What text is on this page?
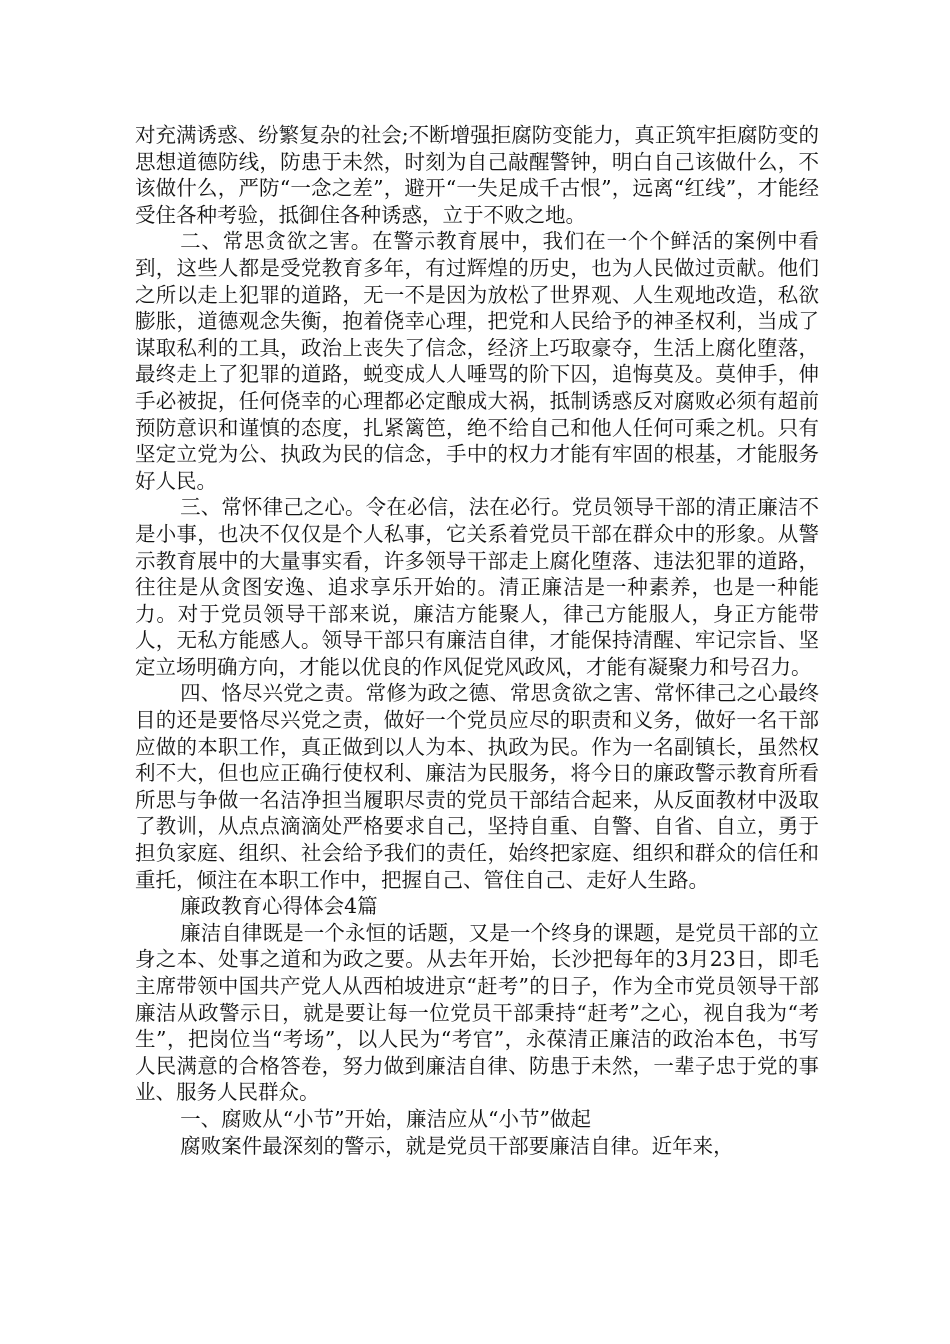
对充满诱惑、纷繁复杂的社会;不断增强拒腐防变能力，真正筑牢拒腐防变的思想道德防线，防患于未然，时刻为自己敲醒警钟，明白自己该做什么，不该做什么，严防“一念之差”，避开“一失足成千古恨”，远离“红线”，才能经受住各种考验，抵御住各种诱惑，立于不败之地。

二、常思贪欲之害。在警示教育展中，我们在一个个鲜活的案例中看到，这些人都是受党教育多年，有过辉煌的历史，也为人民做过贡献。他们之所以走上犯罪的道路，无一不是因为放松了世界观、人生观地改造，私欲膨胀，道德观念失衡，抱着侥幸心理，把党和人民给予的神圣权利，当成了谋取私利的工具，政治上丧失了信念，经济上巧取豪夺，生活上腐化堕落，最终走上了犯罪的道路，蜕变成人人唾骂的阶下囚，追悔莫及。莫伸手，伸手必被捉，任何侥幸的心理都必定酿成大祸，抵制诱惑反对腐败必须有超前预防意识和谨慎的态度，扎紧篱笆，绝不给自己和他人任何可乘之机。只有坚定立党为公、执政为民的信念，手中的权力才能有牢固的根基，才能服务好人民。

三、常怀律己之心。令在必信，法在必行。党员领导干部的清正廉洁不是小事，也决不仅仅是个人私事，它关系着党员干部在群众中的形象。从警示教育展中的大量事实看，许多领导干部走上腐化堕落、违法犯罪的道路，往往是从贪图安逸、追求享乐开始的。清正廉洁是一种素养，也是一种能力。对于党员领导干部来说，廉洁方能聚人，律己方能服人，身正方能带人，无私方能感人。领导干部只有廉洁自律，才能保持清醒、牢记宗旨、坚定立场明确方向，才能以优良的作风促党风政风，才能有凝聚力和号召力。

四、恪尽兴党之责。常修为政之德、常思贪欲之害、常怀律己之心最终目的还是要恪尽兴党之责，做好一个党员应尽的职责和义务，做好一名干部应做的本职工作，真正做到以人为本、执政为民。作为一名副镇长，虽然权利不大，但也应正确行使权利、廉洁为民服务，将今日的廉政警示教育所看所思与争做一名洁净担当履职尽责的党员干部结合起来，从反面教材中汲取了教训，从点点滴滴处严格要求自己，坚持自重、自警、自省、自立，勇于担负家庭、组织、社会给予我们的责任，始终把家庭、组织和群众的信任和重托，倾注在本职工作中，把握自己、管住自己、走好人生路。

廉政教育心得体会4篇

廉洁自律既是一个永恒的话题，又是一个终身的课题，是党员干部的立身之本、处事之道和为政之要。从去年开始，长沙把每年的3月23日，即毛主席带领中国共产党人从西柏坡进京“赶考”的日子，作为全市党员领导干部廉洁从政警示日，就是要让每一位党员干部秉持“赶考”之心，视自我为“考生”，把岗位当“考场”，以人民为“考官”，永葆清正廉洁的政治本色，书写人民满意的合格答卷，努力做到廉洁自律、防患于未然，一辈子忠于党的事业、服务人民群众。

一、腐败从“小节”开始，廉洁应从“小节”做起

腐败案件最深刻的警示，就是党员干部要廉洁自律。近年来，
